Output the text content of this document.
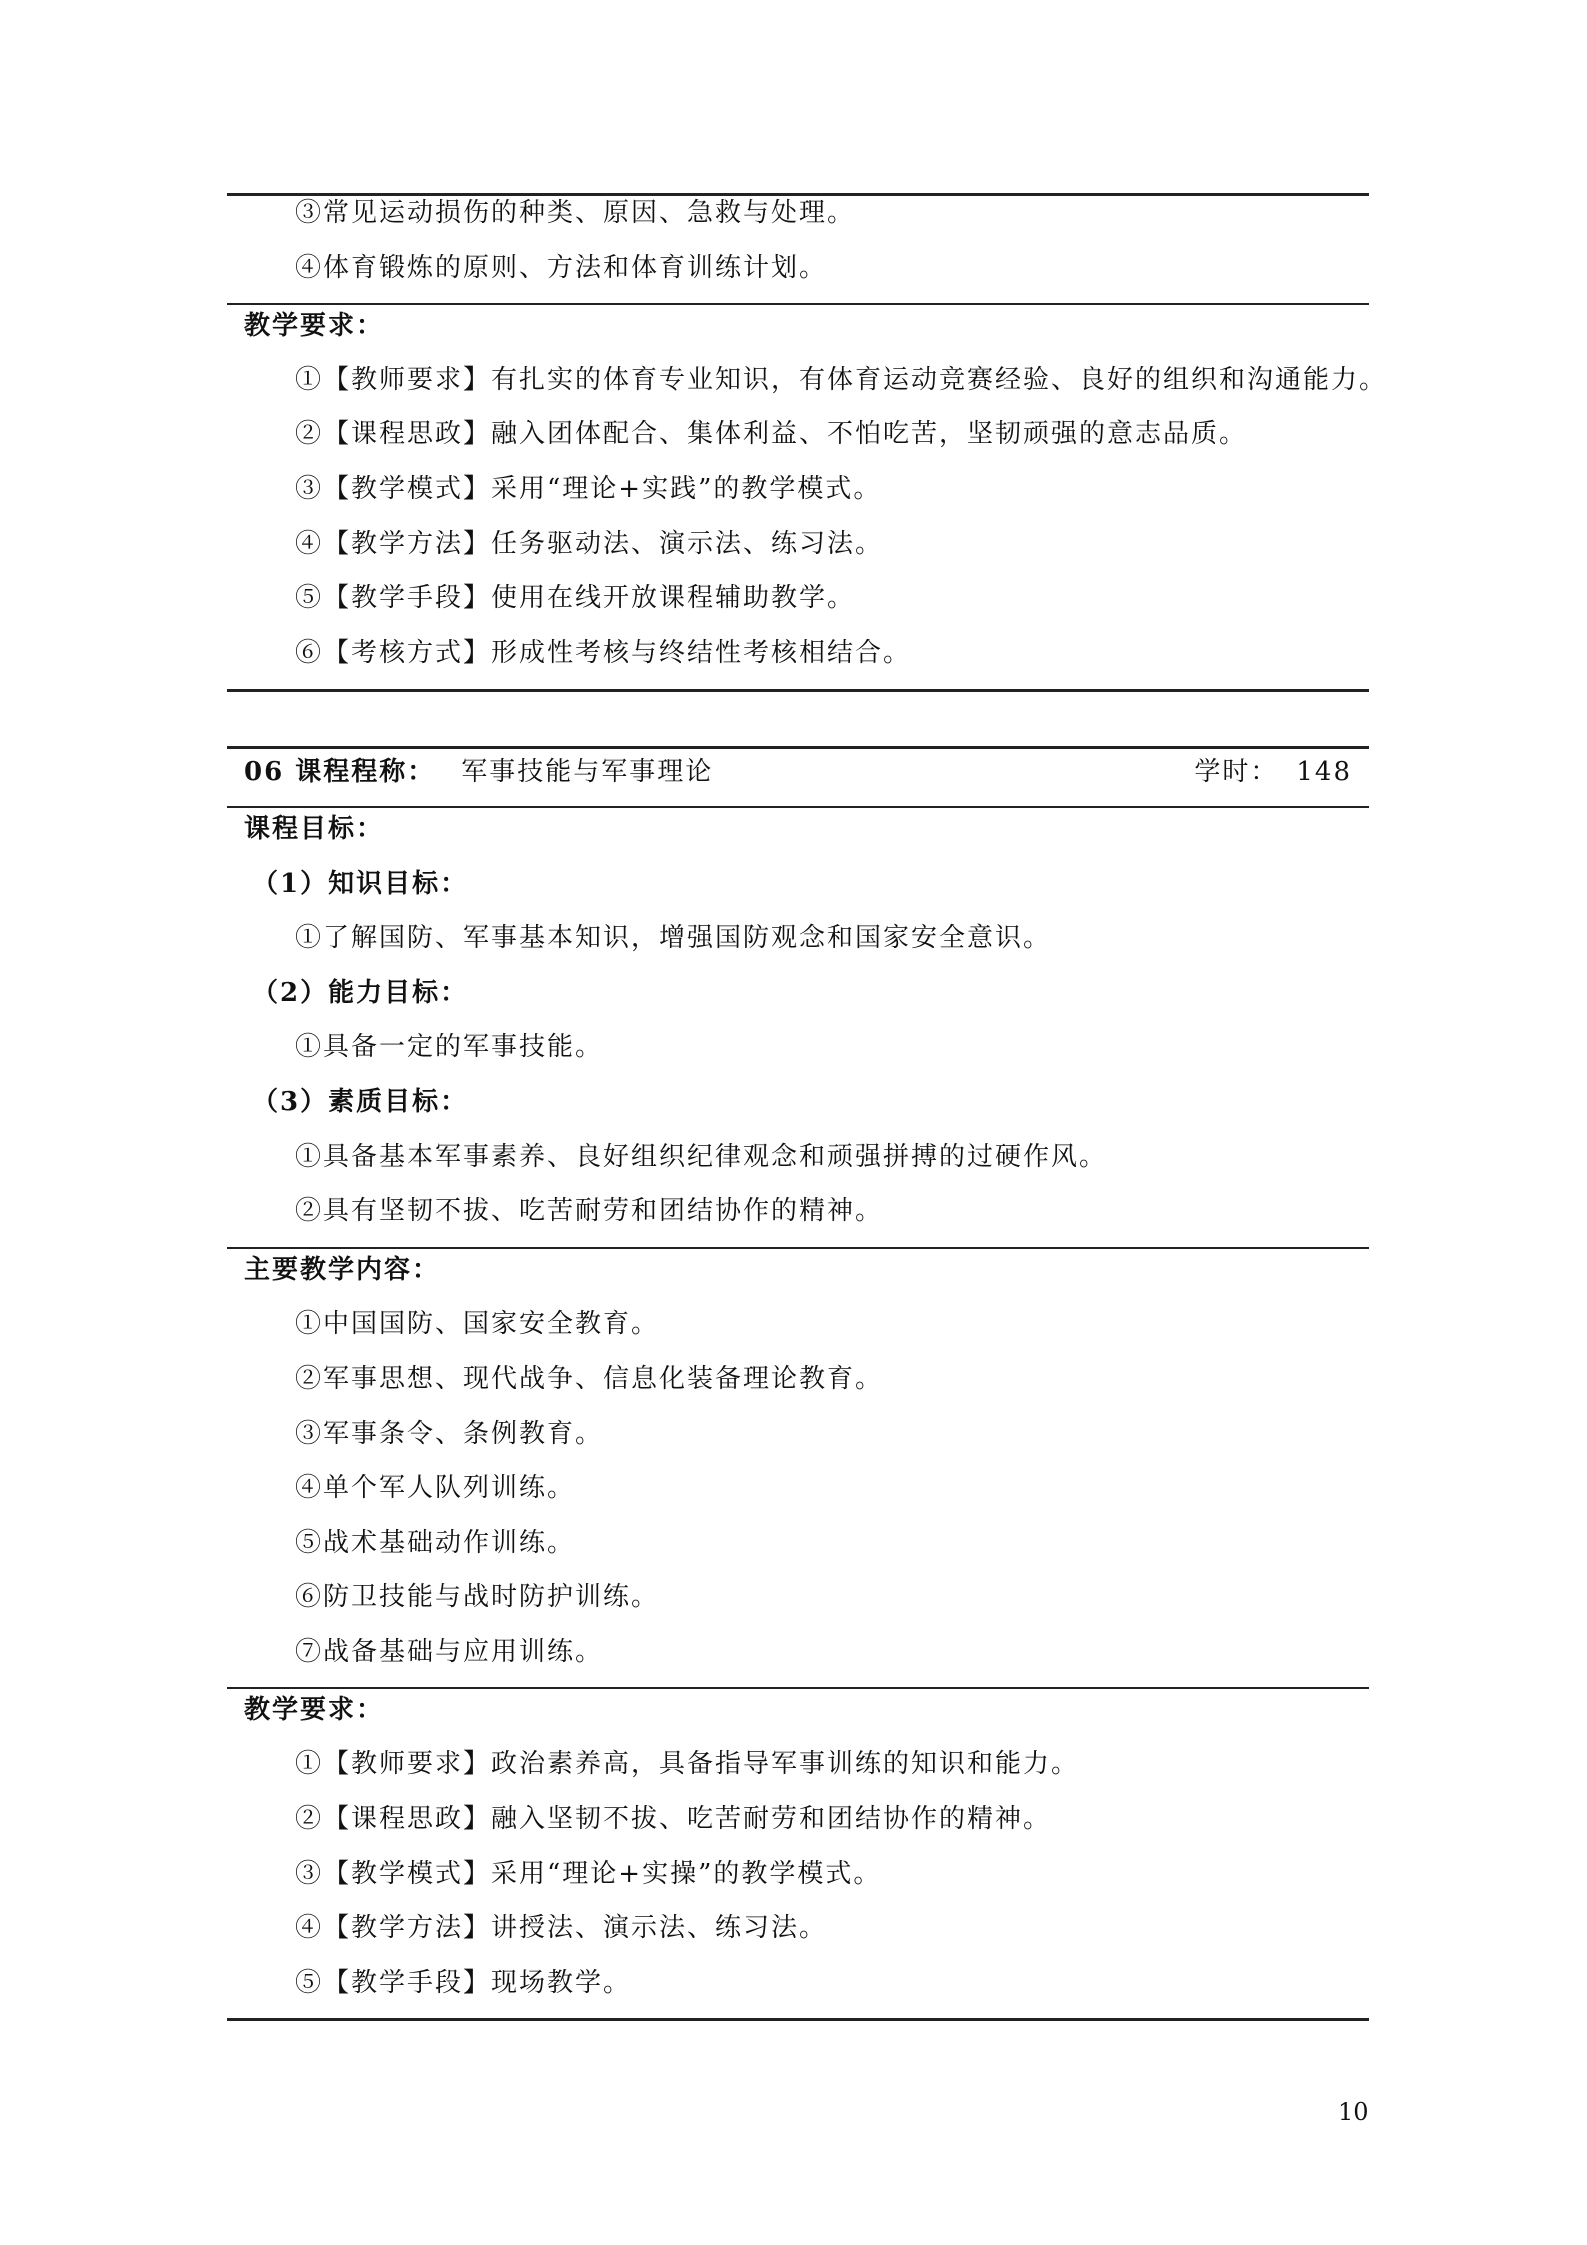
③常见运动损伤的种类、原因、急救与处理。
④体育锻炼的原则、方法和体育训练计划。
教学要求：
①【教师要求】有扎实的体育专业知识，有体育运动竞赛经验、良好的组织和沟通能力。
②【课程思政】融入团体配合、集体利益、不怕吃苦，坚韧顽强的意志品质。
③【教学模式】采用“理论+实践”的教学模式。
④【教学方法】任务驱动法、演示法、练习法。
⑤【教学手段】使用在线开放课程辅助教学。
⑥【考核方式】形成性考核与终结性考核相结合。
06 课程程称： 军事技能与军事理论	学时： 148
课程目标：
（1）知识目标：
①了解国防、军事基本知识，增强国防观念和国家安全意识。
（2）能力目标：
①具备一定的军事技能。
（3）素质目标：
①具备基本军事素养、良好组织纪律观念和顽强拼搏的过硬作风。
②具有坚韧不拔、吃苦耐劳和团结协作的精神。
主要教学内容：
①中国国防、国家安全教育。
②军事思想、现代战争、信息化装备理论教育。
③军事条令、条例教育。
④单个军人队列训练。
⑤战术基础动作训练。
⑥防卫技能与战时防护训练。
⑦战备基础与应用训练。
教学要求：
①【教师要求】政治素养高，具备指导军事训练的知识和能力。
②【课程思政】融入坚韧不拔、吃苦耐劳和团结协作的精神。
③【教学模式】采用“理论+实操”的教学模式。
④【教学方法】讲授法、演示法、练习法。
⑤【教学手段】现场教学。
10
